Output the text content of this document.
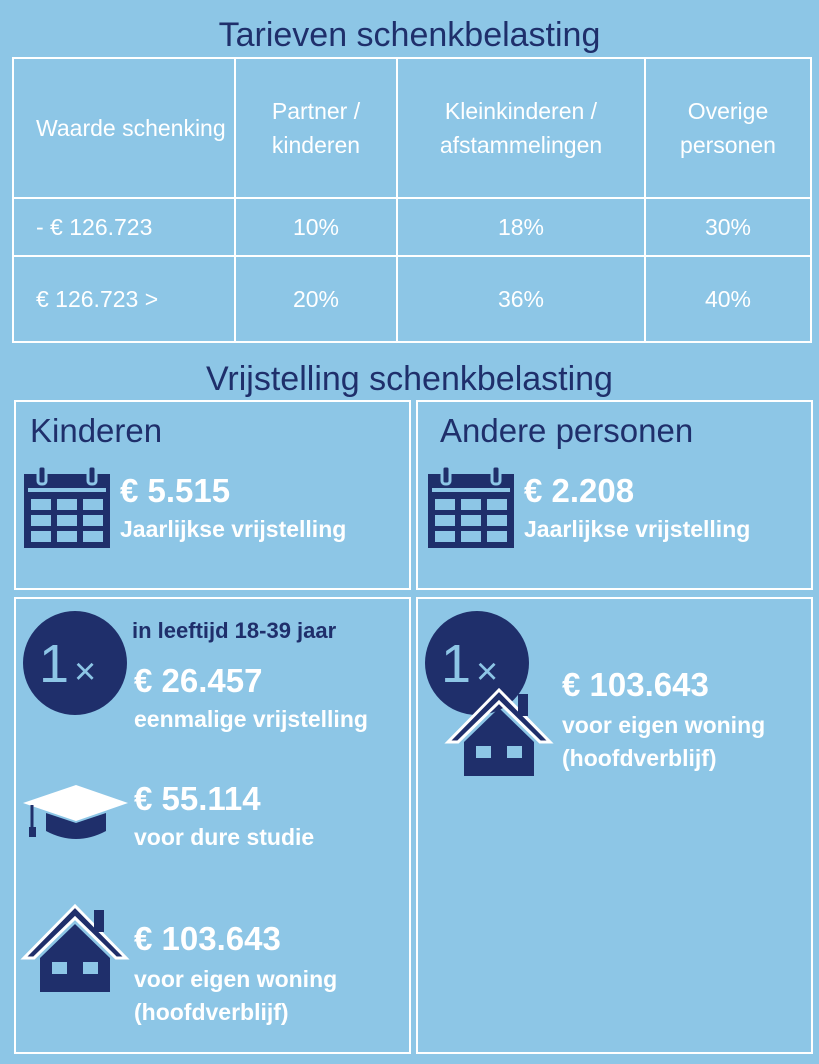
Tarieven schenkbelasting
Waarde schenking	Partner / kinderen	Kleinkinderen / afstammelingen	Overige personen
- € 126.723	10%	18%	30%
€ 126.723 >	20%	36%	40%
Vrijstelling schenkbelasting
Kinderen
€ 5.515
Jaarlijkse vrijstelling
Andere personen
€ 2.208
Jaarlijkse vrijstelling
1 ×
in leeftijd 18-39 jaar
€ 26.457
eenmalige vrijstelling
€ 55.114
voor dure studie
€ 103.643
voor eigen woning
(hoofdverblijf)
1 × € 103.643
voor eigen woning
(hoofdverblijf)
